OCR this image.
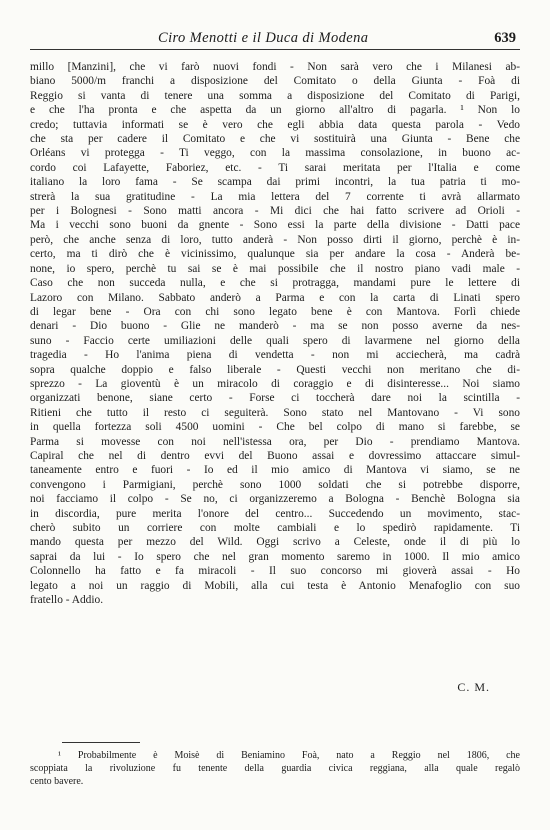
Ciro Menotti e il Duca di Modena	639
millo [Manzini], che vi farò nuovi fondi - Non sarà vero che i Milanesi ab-
biano 5000/m franchi a disposizione del Comitato o della Giunta - Foà di
Reggio si vanta di tenere una somma a disposizione del Comitato di Parigi,
e che l'ha pronta e che aspetta da un giorno all'altro di pagarla. ¹ Non lo
credo; tuttavia informati se è vero che egli abbia data questa parola - Vedo
che sta per cadere il Comitato e che vi sostituirà una Giunta - Bene che
Orléans vi protegga - Ti veggo, con la massima consolazione, in buono ac-
cordo coi Lafayette, Faboriez, etc. - Ti sarai meritata per l'Italia e come
italiano la loro fama - Se scampa dai primi incontri, la tua patria ti mo-
strerà la sua gratitudine - La mia lettera del 7 corrente ti avrà allarmato
per i Bolognesi - Sono matti ancora - Mi dici che hai fatto scrivere ad Orioli -
Ma i vecchi sono buoni da gnente - Sono essi la parte della divisione - Datti pace
però, che anche senza di loro, tutto anderà - Non posso dirti il giorno, perchè è in-
certo, ma ti dirò che è vicinissimo, qualunque sia per andare la cosa - Anderà be-
none, io spero, perchè tu sai se è mai possibile che il nostro piano vadi male -
Caso che non succeda nulla, e che si protragga, mandami pure le lettere di
Lazoro con Milano. Sabbato anderò a Parma e con la carta di Linati spero
di legar bene - Ora con chi sono legato bene è con Mantova. Forlì chiede
denari - Dio buono - Glie ne manderò - ma se non posso averne da nes-
suno - Faccio certe umiliazioni delle quali spero di lavarmene nel giorno della
tragedia - Ho l'anima piena di vendetta - non mi acciecherà, ma cadrà
sopra qualche doppio e falso liberale - Questi vecchi non meritano che di-
sprezzo - La gioventù è un miracolo di coraggio e di disinteresse... Noi siamo
organizzati benone, siane certo - Forse ci toccherà dare noi la scintilla -
Ritieni che tutto il resto ci seguiterà. Sono stato nel Mantovano - Vi sono
in quella fortezza soli 4500 uomini - Che bel colpo di mano si farebbe, se
Parma si movesse con noi nell'istessa ora, per Dio - prendiamo Mantova.
Capiral che nel di dentro evvi del Buono assai e dovressimo attaccare simul-
taneamente entro e fuori - Io ed il mio amico di Mantova vi siamo, se ne
convengono i Parmigiani, perchè sono 1000 soldati che si potrebbe disporre,
noi facciamo il colpo - Se no, ci organizzeremo a Bologna - Benchè Bologna sia
in discordia, pure merita l'onore del centro... Succedendo un movimento, stac-
cherò subito un corriere con molte cambiali e lo spedirò rapidamente. Ti
mando questa per mezzo del Wild. Oggi scrivo a Celeste, onde il di più lo
saprai da lui - Io spero che nel gran momento saremo in 1000. Il mio amico
Colonnello ha fatto e fa miracoli - Il suo concorso mi gioverà assai - Ho
legato a noi un raggio di Mobili, alla cui testa è Antonio Menafoglio con suo
fratello - Addio.
C. M.
¹ Probabilmente è Moisè di Beniamino Foà, nato a Reggio nel 1806, che
scoppiata la rivoluzione fu tenente della guardia civica reggiana, alla quale regalò
cento bavere.
